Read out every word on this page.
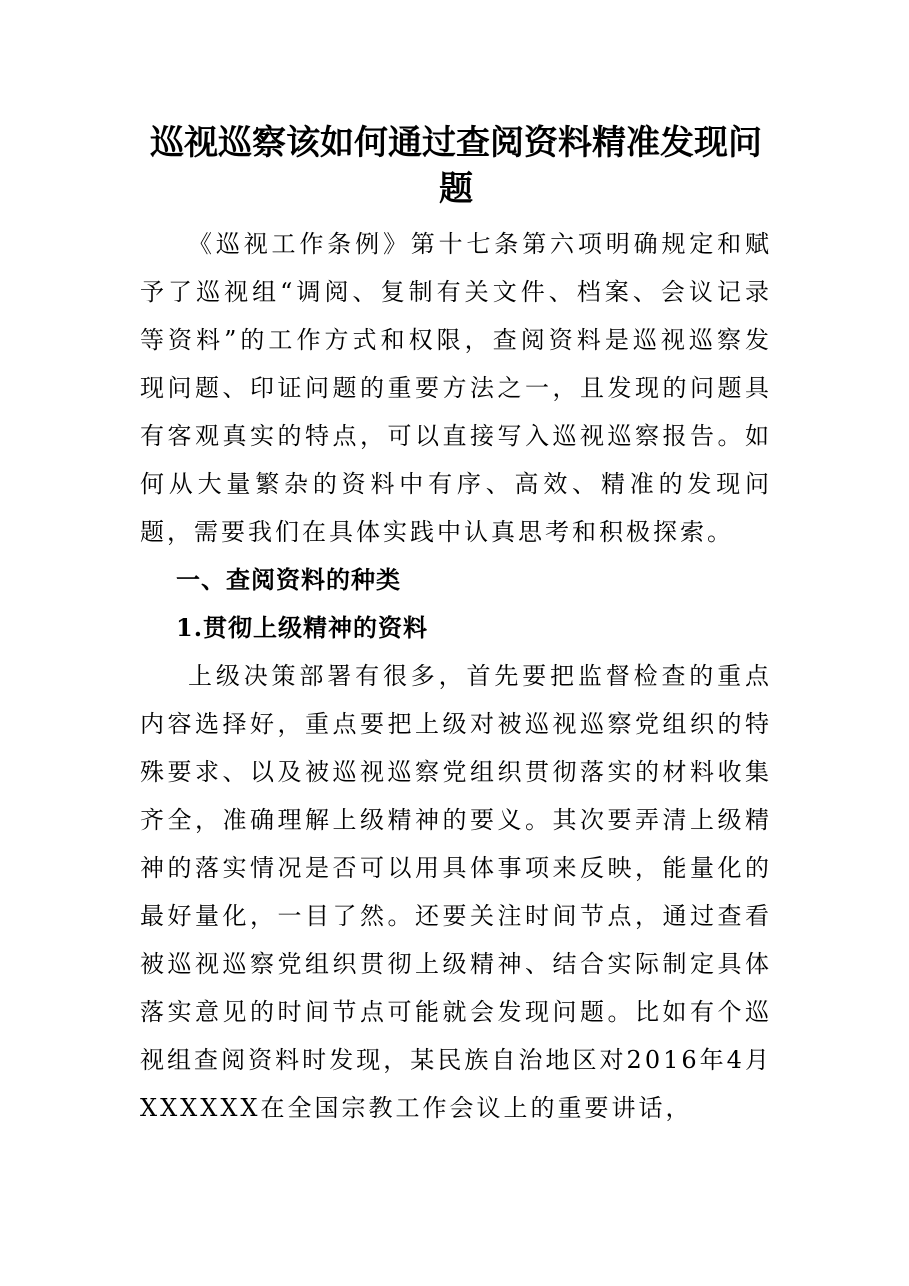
巡视巡察该如何通过查阅资料精准发现问题

《巡视工作条例》第十七条第六项明确规定和赋予了巡视组“调阅、复制有关文件、档案、会议记录等资料”的工作方式和权限，查阅资料是巡视巡察发现问题、印证问题的重要方法之一，且发现的问题具有客观真实的特点，可以直接写入巡视巡察报告。如何从大量繁杂的资料中有序、高效、精准的发现问题，需要我们在具体实践中认真思考和积极探索。

一、查阅资料的种类

1.贯彻上级精神的资料

上级决策部署有很多，首先要把监督检查的重点内容选择好，重点要把上级对被巡视巡察党组织的特殊要求、以及被巡视巡察党组织贯彻落实的材料收集齐全，准确理解上级精神的要义。其次要弄清上级精神的落实情况是否可以用具体事项来反映，能量化的最好量化，一目了然。还要关注时间节点，通过查看被巡视巡察党组织贯彻上级精神、结合实际制定具体落实意见的时间节点可能就会发现问题。比如有个巡视组查阅资料时发现，某民族自治地区对2016年4月XXXXXX在全国宗教工作会议上的重要讲话，
